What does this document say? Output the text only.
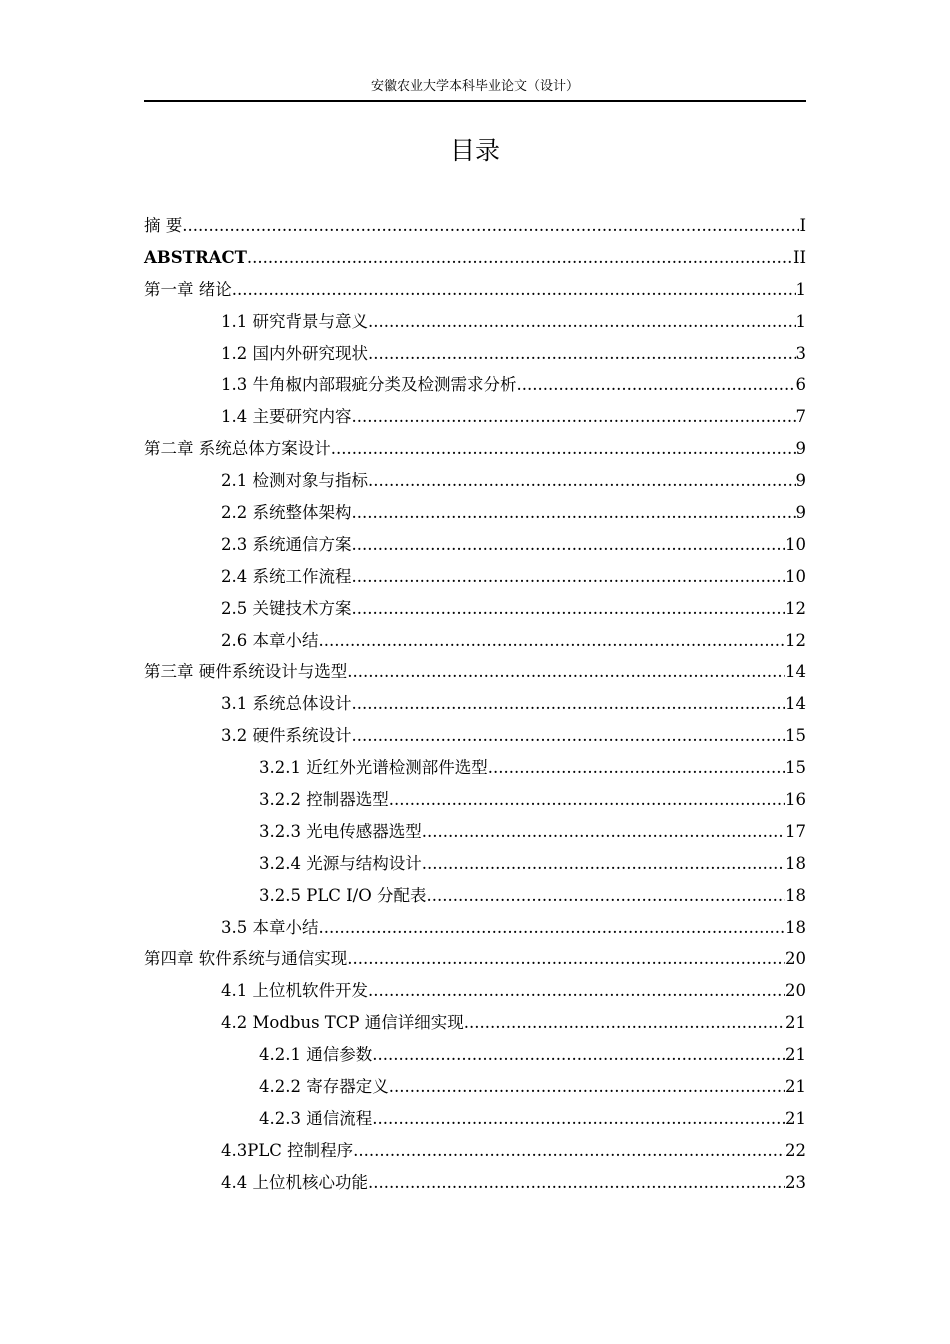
安徽农业大学本科毕业论文（设计）
目录
摘 要 .....	I
ABSTRACT .....	II
第一章 绪论 .....	1
1.1 研究背景与意义 .....	1
1.2 国内外研究现状 .....	3
1.3 牛角椒内部瑕疵分类及检测需求分析 .....	6
1.4 主要研究内容 .....	7
第二章 系统总体方案设计 .....	9
2.1 检测对象与指标 .....	9
2.2 系统整体架构 .....	9
2.3 系统通信方案 .....	10
2.4 系统工作流程 .....	10
2.5 关键技术方案 .....	12
2.6 本章小结 .....	12
第三章 硬件系统设计与选型 .....	14
3.1 系统总体设计 .....	14
3.2 硬件系统设计 .....	15
3.2.1 近红外光谱检测部件选型 .....	15
3.2.2 控制器选型 .....	16
3.2.3 光电传感器选型 .....	17
3.2.4 光源与结构设计 .....	18
3.2.5 PLC I/O 分配表 .....	18
3.5 本章小结 .....	18
第四章 软件系统与通信实现 .....	20
4.1 上位机软件开发 .....	20
4.2 Modbus TCP 通信详细实现 .....	21
4.2.1 通信参数 .....	21
4.2.2 寄存器定义 .....	21
4.2.3 通信流程 .....	21
4.3PLC 控制程序 .....	22
4.4 上位机核心功能 .....	23
